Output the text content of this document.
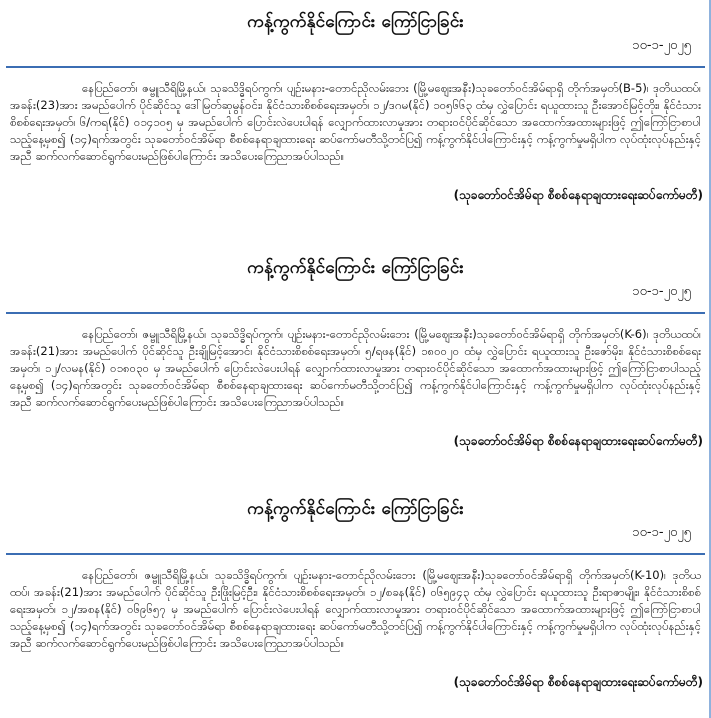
ကန့်ကွက်နိုင်ကြောင်း ကြော်ငြာခြင်း
၁၀-၁-၂၀၂၅

နေပြည်တော်၊ ဇမ္ဗူသီရိမြို့နယ်၊ သုခသိဒ္ဓိရပ်ကွက်၊ ပျဉ်းမနား-တောင်ညိုလမ်းဘေး (မြို့မဈေးအနီး)သုခတော်ဝင်အိမ်ရာရှိ တိုက်အမှတ်(B-5)၊ ဒုတိယထပ်၊ အခန်း(23)အား အမည်ပေါက် ပိုင်ဆိုင်သူ ဒေါ်မြတ်ဆုမွန်ဝင်း၊ နိုင်ငံသားစိစစ်ရေးအမှတ်၊ ၁၂/ဒဂမ(နိုင်) ၁၀၅၆၆၃ ထံမှ လွှဲပြောင်း ရယူထားသူ ဦးအောင်မြင့်တိုး၊ နိုင်ငံသားစိစစ်ရေးအမှတ်၊ ၆/ကရ(နိုင်) ၀၁၄၁၀၅ မှ အမည်ပေါက် ပြောင်းလဲပေးပါရန် လျှောက်ထားလာမှုအား တရားဝင်ပိုင်ဆိုင်သော အထောက်အထားများဖြင့် ဤကြော်ငြာစာပါသည့်နေ့မှစ၍ (၁၄)ရက်အတွင်း သုခတော်ဝင်အိမ်ရာ စီစစ်နေရာချထားရေး ဆပ်ကော်မတီသို့တင်ပြ၍ ကန့်ကွက်နိုင်ပါကြောင်းနှင့် ကန့်ကွက်မှုမရှိပါက လုပ်ထုံးလုပ်နည်းနှင့် အညီ ဆက်လက်ဆောင်ရွက်ပေးမည်ဖြစ်ပါကြောင်း အသိပေးကြေညာအပ်ပါသည်။

(သုခတော်ဝင်အိမ်ရာ စီစစ်နေရာချထားရေးဆပ်ကော်မတီ)
ကန့်ကွက်နိုင်ကြောင်း ကြော်ငြာခြင်း
၁၀-၁-၂၀၂၅

နေပြည်တော်၊ ဇမ္ဗူသီရိမြို့နယ်၊ သုခသိဒ္ဓိရပ်ကွက်၊ ပျဉ်းမနား-တောင်ညိုလမ်းဘေး (မြို့မဈေးအနီး)သုခတော်ဝင်အိမ်ရာရှိ တိုက်အမှတ်(K-6)၊ ဒုတိယထပ်၊ အခန်း(21)အား အမည်ပေါက် ပိုင်ဆိုင်သူ ဦးချိုမြင့်အောင်၊ နိုင်ငံသားစိစစ်ရေးအမှတ်၊ ၅/ရဖန(နိုင်) ၁၈၀၀၂၀ ထံမှ လွှဲပြောင်း ရယူထားသူ ဦးဇော်မိုး၊ နိုင်ငံသားစိစစ်ရေးအမှတ်၊ ၁၂/လမန(နိုင်) ၀၁၈၀၃၀ မှ အမည်ပေါက် ပြောင်းလဲပေးပါရန် လျှောက်ထားလာမှုအား တရားဝင်ပိုင်ဆိုင်သော အထောက်အထားများဖြင့် ဤကြော်ငြာစာပါသည့်နေ့မှစ၍ (၁၄)ရက်အတွင်း သုခတော်ဝင်အိမ်ရာ စီစစ်နေရာချထားရေး ဆပ်ကော်မတီသို့တင်ပြ၍ ကန့်ကွက်နိုင်ပါကြောင်းနှင့် ကန့်ကွက်မှုမရှိပါက လုပ်ထုံးလုပ်နည်းနှင့် အညီ ဆက်လက်ဆောင်ရွက်ပေးမည်ဖြစ်ပါကြောင်း အသိပေးကြေညာအပ်ပါသည်။

(သုခတော်ဝင်အိမ်ရာ စီစစ်နေရာချထားရေးဆပ်ကော်မတီ)
ကန့်ကွက်နိုင်ကြောင်း ကြော်ငြာခြင်း
၁၀-၁-၂၀၂၅

နေပြည်တော်၊ ဇမ္ဗူသီရိမြို့နယ်၊ သုခသိဒ္ဓိရပ်ကွက်၊ ပျဉ်းမနား-တောင်ညိုလမ်းဘေး (မြို့မဈေးအနီး)သုခတော်ဝင်အိမ်ရာရှိ တိုက်အမှတ်(K-10)၊ ဒုတိယထပ်၊ အခန်း(21)အား အမည်ပေါက် ပိုင်ဆိုင်သူ ဦးဖြိုးမြင့်ဦး၊ နိုင်ငံသားစိစစ်ရေးအမှတ်၊ ၁၂/စခန(နိုင်) ၀၆၅၉၄၃ ထံမှ လွှဲပြောင်း ရယူထားသူ ဦးရာဇာမျိုး၊ နိုင်ငံသားစိစစ်ရေးအမှတ်၊ ၁၂/အစန(နိုင်) ၀၆၉၆၅၇ မှ အမည်ပေါက် ပြောင်းလဲပေးပါရန် လျှောက်ထားလာမှုအား တရားဝင်ပိုင်ဆိုင်သော အထောက်အထားများဖြင့် ဤကြော်ငြာစာပါသည့်နေ့မှစ၍ (၁၄)ရက်အတွင်း သုခတော်ဝင်အိမ်ရာ စီစစ်နေရာချထားရေး ဆပ်ကော်မတီသို့တင်ပြ၍ ကန့်ကွက်နိုင်ပါကြောင်းနှင့် ကန့်ကွက်မှုမရှိပါက လုပ်ထုံးလုပ်နည်းနှင့် အညီ ဆက်လက်ဆောင်ရွက်ပေးမည်ဖြစ်ပါကြောင်း အသိပေးကြေညာအပ်ပါသည်။

(သုခတော်ဝင်အိမ်ရာ စီစစ်နေရာချထားရေးဆပ်ကော်မတီ)
